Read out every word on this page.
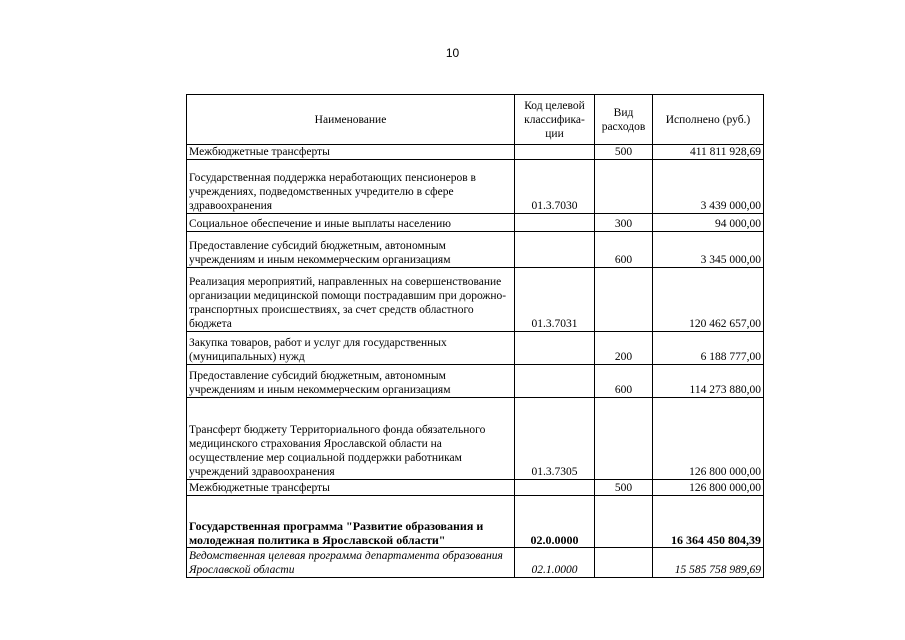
10
Наименование	Код целевой классифика-ции	Вид расходов	Исполнено (руб.)
Межбюджетные трансферты		500	411 811 928,69
Государственная поддержка неработающих пенсионеров в учреждениях, подведомственных учредителю в сфере здравоохранения	01.3.7030		3 439 000,00
Социальное обеспечение и иные выплаты населению		300	94 000,00
Предоставление субсидий бюджетным, автономным учреждениям и иным некоммерческим организациям		600	3 345 000,00
Реализация мероприятий, направленных на совершенствование организации медицинской помощи пострадавшим при дорожно-транспортных происшествиях, за счет средств областного бюджета	01.3.7031		120 462 657,00
Закупка товаров, работ и услуг для государственных (муниципальных) нужд		200	6 188 777,00
Предоставление субсидий бюджетным, автономным учреждениям и иным некоммерческим организациям		600	114 273 880,00
Трансферт бюджету Территориального фонда обязательного медицинского страхования Ярославской области на осуществление мер социальной поддержки работникам учреждений здравоохранения	01.3.7305		126 800 000,00
Межбюджетные трансферты		500	126 800 000,00
Государственная программа "Развитие образования и молодежная политика в Ярославской области"	02.0.0000		16 364 450 804,39
Ведомственная целевая программа департамента образования Ярославской области	02.1.0000		15 585 758 989,69
